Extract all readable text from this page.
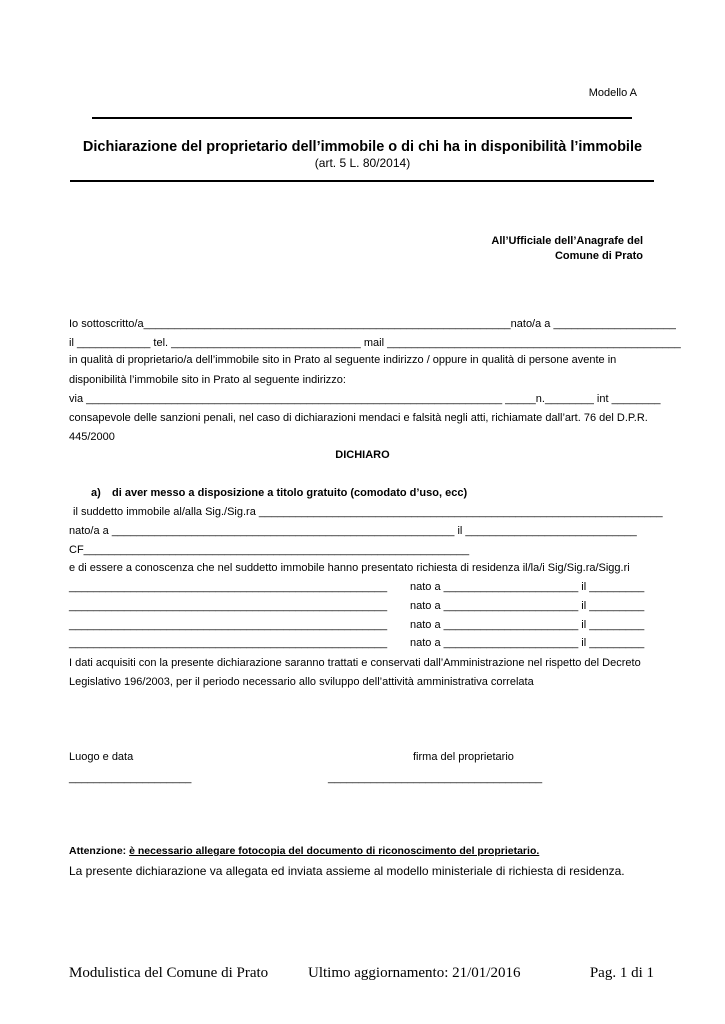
Modello A
Dichiarazione del proprietario dell’immobile o di chi ha in disponibilità l’immobile
(art. 5 L. 80/2014)
All’Ufficiale dell’Anagrafe del
Comune di Prato
Io sottoscritto/a____________________________________________________________nato/a a ____________________
il ____________ tel. _______________________________ mail ________________________________________________
in qualità di proprietario/a dell’immobile sito in Prato al seguente indirizzo / oppure in qualità di persone avente in
disponibilità l’immobile sito in Prato al seguente indirizzo:
via ____________________________________________________________________ _____n.________ int ________
consapevole delle sanzioni penali, nel caso di dichiarazioni mendaci e falsità negli atti, richiamate dall’art. 76 del D.P.R.
445/2000
DICHIARO
a) di aver messo a disposizione a titolo gratuito (comodato d’uso, ecc)
il suddetto immobile al/alla Sig./Sig.ra __________________________________________________________________
nato/a a ________________________________________________________ il ____________________________
CF_______________________________________________________________
e di essere a conoscenza che nel suddetto immobile hanno presentato richiesta di residenza il/la/i Sig/Sig.ra/Sigg.ri
____________________________________________________ nato a ______________________ il _________
____________________________________________________ nato a ______________________ il _________
____________________________________________________ nato a ______________________ il _________
____________________________________________________ nato a ______________________ il _________
I dati acquisiti con la presente dichiarazione saranno trattati e conservati dall’Amministrazione nel rispetto del Decreto
Legislativo 196/2003, per il periodo necessario allo sviluppo dell’attività amministrativa correlata
Luogo e data	firma del proprietario
____________________	___________________________________
Attenzione: è necessario allegare fotocopia del documento di riconoscimento del proprietario.
La presente dichiarazione va allegata ed inviata assieme al modello ministeriale di richiesta di residenza.
Modulistica del Comune di Prato	Ultimo aggiornamento: 21/01/2016	Pag. 1 di 1
